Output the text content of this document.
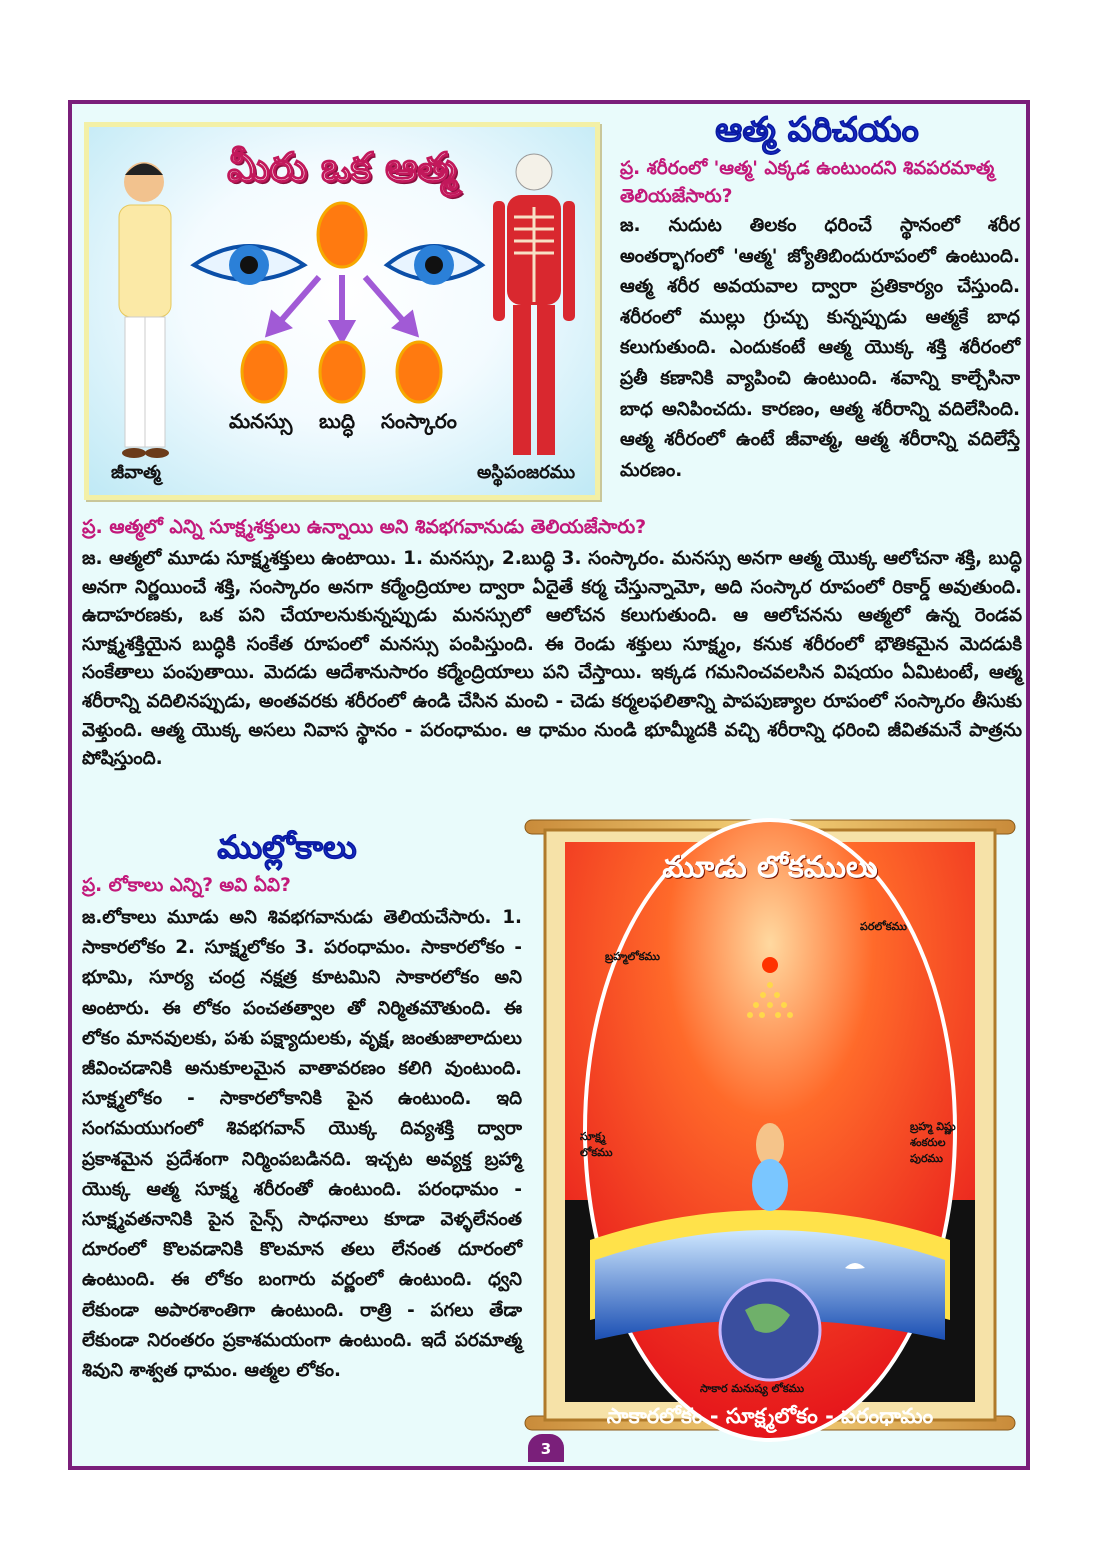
మీరు ఒక ఆత్మ
మనస్సు బుద్ధి సంస్కారం
జీవాత్మ	అస్థిపంజరము
ఆత్మ పరిచయం
ప్ర. శరీరంలో 'ఆత్మ' ఎక్కడ ఉంటుందని శివపరమాత్మ తెలియజేసారు?
జ. నుదుట తిలకం ధరించే స్థానంలో శరీర అంతర్భాగంలో 'ఆత్మ' జ్యోతిబిందురూపంలో ఉంటుంది. ఆత్మ శరీర అవయవాల ద్వారా ప్రతికార్యం చేస్తుంది. శరీరంలో ముల్లు గ్రుచ్చు కున్నప్పుడు ఆత్మకే బాధ కలుగుతుంది. ఎందుకంటే ఆత్మ యొక్క శక్తి శరీరంలో ప్రతీ కణానికి వ్యాపించి ఉంటుంది. శవాన్ని కాల్చేసినా బాధ అనిపించదు. కారణం, ఆత్మ శరీరాన్ని వదిలేసింది. ఆత్మ శరీరంలో ఉంటే జీవాత్మ, ఆత్మ శరీరాన్ని వదిలేస్తే మరణం.
ప్ర. ఆత్మలో ఎన్ని సూక్ష్మశక్తులు ఉన్నాయి అని శివభగవానుడు తెలియజేసారు?
జ. ఆత్మలో మూడు సూక్ష్మశక్తులు ఉంటాయి. 1. మనస్సు, 2.బుద్ధి 3. సంస్కారం. మనస్సు అనగా ఆత్మ యొక్క ఆలోచనా శక్తి, బుద్ధి అనగా నిర్ణయించే శక్తి, సంస్కారం అనగా కర్మేంద్రియాల ద్వారా ఏదైతే కర్మ చేస్తున్నామో, అది సంస్కార రూపంలో రికార్డ్ అవుతుంది. ఉదాహరణకు, ఒక పని చేయాలనుకున్నప్పుడు మనస్సులో ఆలోచన కలుగుతుంది. ఆ ఆలోచనను ఆత్మలో ఉన్న రెండవ సూక్ష్మశక్తియైన బుద్ధికి సంకేత రూపంలో మనస్సు పంపిస్తుంది. ఈ రెండు శక్తులు సూక్ష్మం, కనుక శరీరంలో భౌతికమైన మెదడుకి సంకేతాలు పంపుతాయి. మెదడు ఆదేశానుసారం కర్మేంద్రియాలు పని చేస్తాయి. ఇక్కడ గమనించవలసిన విషయం ఏమిటంటే, ఆత్మ శరీరాన్ని వదిలినప్పుడు, అంతవరకు శరీరంలో ఉండి చేసిన మంచి - చెడు కర్మలఫలితాన్ని పాపపుణ్యాల రూపంలో సంస్కారం తీసుకు వెళ్తుంది. ఆత్మ యొక్క అసలు నివాస స్థానం - పరంధామం. ఆ ధామం నుండి భూమ్మీదకి వచ్చి శరీరాన్ని ధరించి జీవితమనే పాత్రను పోషిస్తుంది.
ముల్లోకాలు
ప్ర. లోకాలు ఎన్ని? అవి ఏవి?
జ.లోకాలు మూడు అని శివభగవానుడు తెలియచేసారు. 1. సాకారలోకం 2. సూక్ష్మలోకం 3. పరంధామం. సాకారలోకం - భూమి, సూర్య చంద్ర నక్షత్ర కూటమిని సాకారలోకం అని అంటారు. ఈ లోకం పంచతత్వాల తో నిర్మితమౌతుంది. ఈ లోకం మానవులకు, పశు పక్ష్యాదులకు, వృక్ష, జంతుజాలాదులు జీవించడానికి అనుకూలమైన వాతావరణం కలిగి వుంటుంది. సూక్ష్మలోకం - సాకారలోకానికి పైన ఉంటుంది. ఇది సంగమయుగంలో శివభగవాన్ యొక్క దివ్యశక్తి ద్వారా ప్రకాశమైన ప్రదేశంగా నిర్మింపబడినది. ఇచ్చట అవ్యక్త బ్రహ్మా యొక్క ఆత్మ సూక్ష్మ శరీరంతో ఉంటుంది. పరంధామం - సూక్ష్మవతనానికి పైన సైన్స్ సాధనాలు కూడా వెళ్ళలేనంత దూరంలో కొలవడానికి కొలమాన తలు లేనంత దూరంలో ఉంటుంది. ఈ లోకం బంగారు వర్ణంలో ఉంటుంది. ధ్వని లేకుండా అపారశాంతిగా ఉంటుంది. రాత్రి - పగలు తేడా లేకుండా నిరంతరం ప్రకాశమయంగా ఉంటుంది. ఇదే పరమాత్మ శివుని శాశ్వత ధామం. ఆత్మల లోకం.
మూడు లోకములు
బ్రహ్మలోకము
పరలోకము
సూక్ష్మ లోకము
బ్రహ్మ విష్ణు శంకరుల పురము
సాకార మనుష్య లోకము
సాకారలోకం - సూక్ష్మలోకం - పరంధామం
3
